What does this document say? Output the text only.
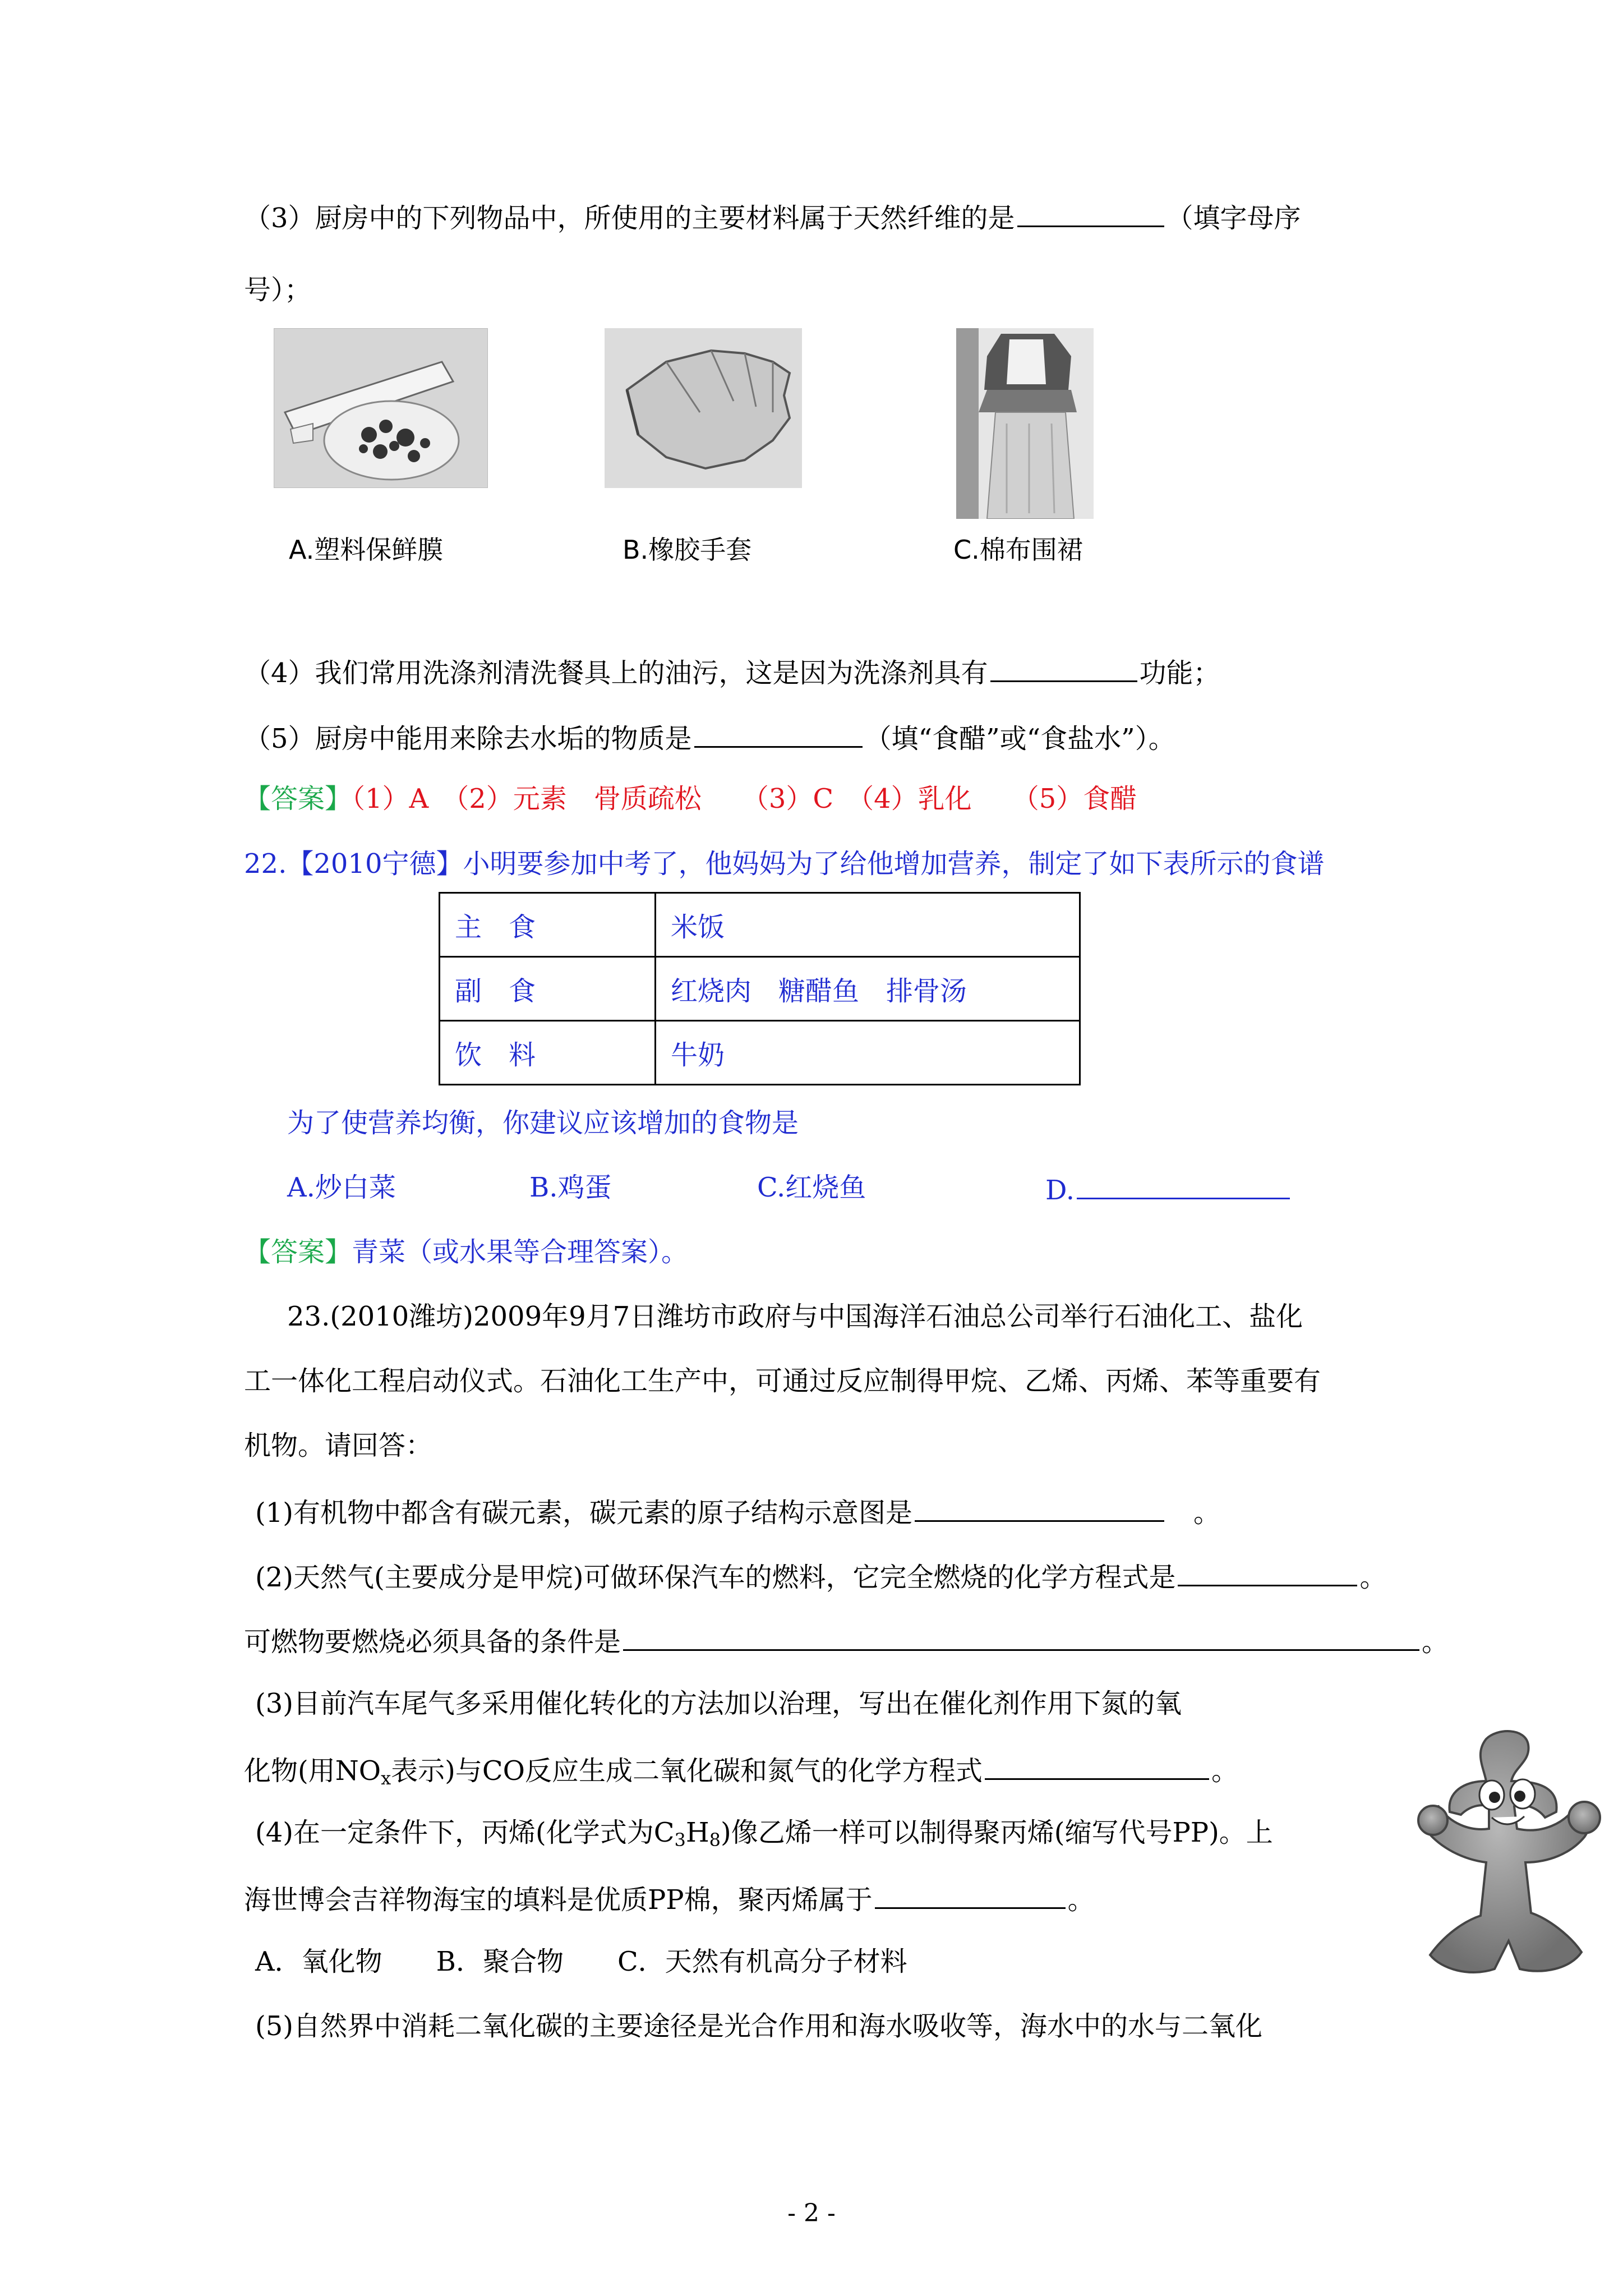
（3）厨房中的下列物品中，所使用的主要材料属于天然纤维的是	（填字母序
号）；
A.塑料保鲜膜	B.橡胶手套	C.棉布围裙
（4）我们常用洗涤剂清洗餐具上的油污，这是因为洗涤剂具有	功能；
（5）厨房中能用来除去水垢的物质是	（填“食醋”或“食盐水”）。
【答案】（1）A　 （2）元素　 骨质疏松　　 （3）C　 （4）乳化　　 （5）食醋
22.【2010宁德】小明要参加中考了，他妈妈为了给他增加营养，制定了如下表所示的食谱
主　食	米饭
副　食	红烧肉　糖醋鱼　排骨汤
饮　料	牛奶
为了使营养均衡，你建议应该增加的食物是
A.炒白菜	B.鸡蛋	C.红烧鱼	D.
【答案】青菜（或水果等合理答案）。
23.(2010潍坊)2009年9月7日潍坊市政府与中国海洋石油总公司举行石油化工、盐化
工一体化工程启动仪式。石油化工生产中，可通过反应制得甲烷、乙烯、丙烯、苯等重要有
机物。请回答：
(1)有机物中都含有碳元素，碳元素的原子结构示意图是　	。
(2)天然气(主要成分是甲烷)可做环保汽车的燃料，它完全燃烧的化学方程式是	。
可燃物要燃烧必须具备的条件是	。
(3)目前汽车尾气多采用催化转化的方法加以治理，写出在催化剂作用下氮的氧
化物(用$NO_x$表示)与CO反应生成二氧化碳和氮气的化学方程式	。
(4)在一定条件下，丙烯(化学式为$C_3H_8$)像乙烯一样可以制得聚丙烯(缩写代号PP)。上
海世博会吉祥物海宝的填料是优质PP棉，聚丙烯属于	。
A．氧化物　　B．聚合物　　C．天然有机高分子材料
(5)自然界中消耗二氧化碳的主要途径是光合作用和海水吸收等，海水中的水与二氧化
- 2 -
